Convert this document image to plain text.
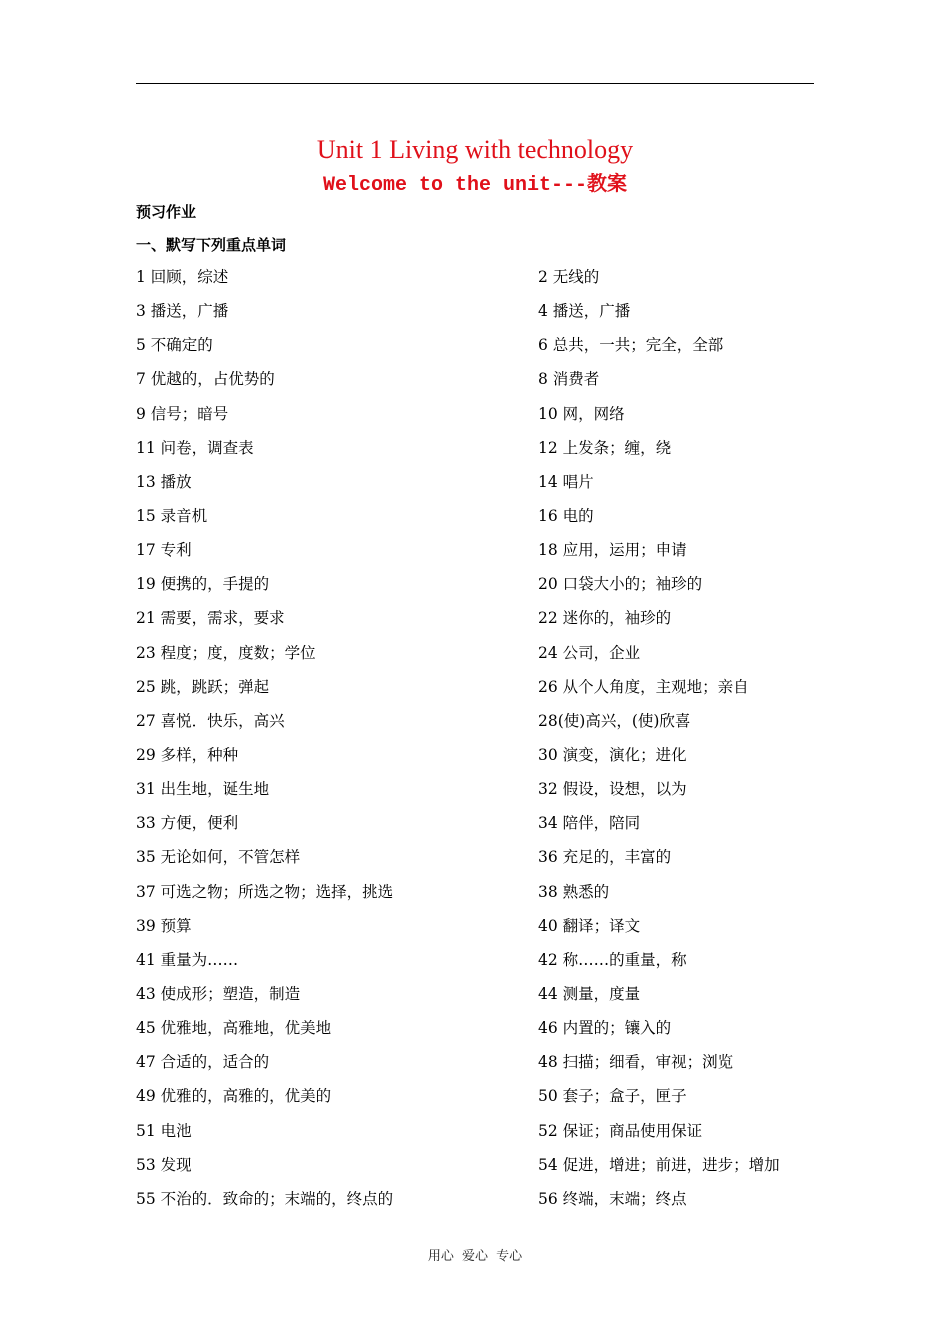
Unit 1 Living with technology
Welcome to the unit---教案
预习作业
一、默写下列重点单词
1 回顾，综述	2 无线的
3 播送，广播	4 播送，广播
5 不确定的	6 总共，一共；完全，全部
7 优越的，占优势的	8 消费者
9 信号；暗号	10 网，网络
11 问卷，调查表	12 上发条；缠，绕
13 播放	14 唱片
15 录音机	16 电的
17 专利	18 应用，运用；申请
19 便携的，手提的	20 口袋大小的；袖珍的
21 需要，需求，要求	22 迷你的，袖珍的
23 程度；度，度数；学位	24 公司，企业
25 跳，跳跃；弹起	26 从个人角度，主观地；亲自
27 喜悦．快乐，高兴	28(使)高兴，(使)欣喜
29 多样，种种	30 演变，演化；进化
31 出生地，诞生地	32 假设，设想，以为
33 方便，便利	34 陪伴，陪同
35 无论如何，不管怎样	36 充足的，丰富的
37 可选之物；所选之物；选择，挑选	38 熟悉的
39 预算	40 翻译；译文
41 重量为……	42 称……的重量，称
43 使成形；塑造，制造	44 测量，度量
45 优雅地，高雅地，优美地	46 内置的；镶入的
47 合适的，适合的	48 扫描；细看，审视；浏览
49 优雅的，高雅的，优美的	50 套子；盒子，匣子
51 电池	52 保证；商品使用保证
53 发现	54 促进，增进；前进，进步；增加
55 不治的．致命的；末端的，终点的	56 终端，末端；终点
用心 爱心 专心
